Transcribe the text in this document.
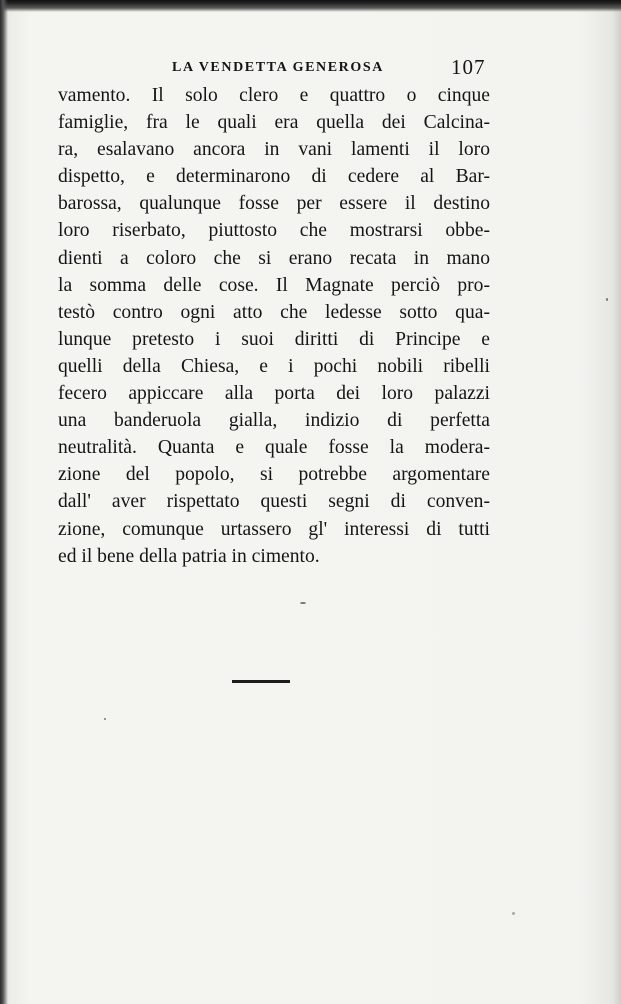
LA VENDETTA GENEROSA	107
vamento. Il solo clero e quattro o cinque
famiglie, fra le quali era quella dei Calcina-
ra, esalavano ancora in vani lamenti il loro
dispetto, e determinarono di cedere al Bar-
barossa, qualunque fosse per essere il destino
loro riserbato, piuttosto che mostrarsi obbe-
dienti a coloro che si erano recata in mano
la somma delle cose. Il Magnate perciò pro-
testò contro ogni atto che ledesse sotto qua-
lunque pretesto i suoi diritti di Principe e
quelli della Chiesa, e i pochi nobili ribelli
fecero appiccare alla porta dei loro palazzi
una banderuola gialla, indizio di perfetta
neutralità. Quanta e quale fosse la modera-
zione del popolo, si potrebbe argomentare
dall' aver rispettato questi segni di conven-
zione, comunque urtassero gl' interessi di tutti
ed il bene della patria in cimento.
